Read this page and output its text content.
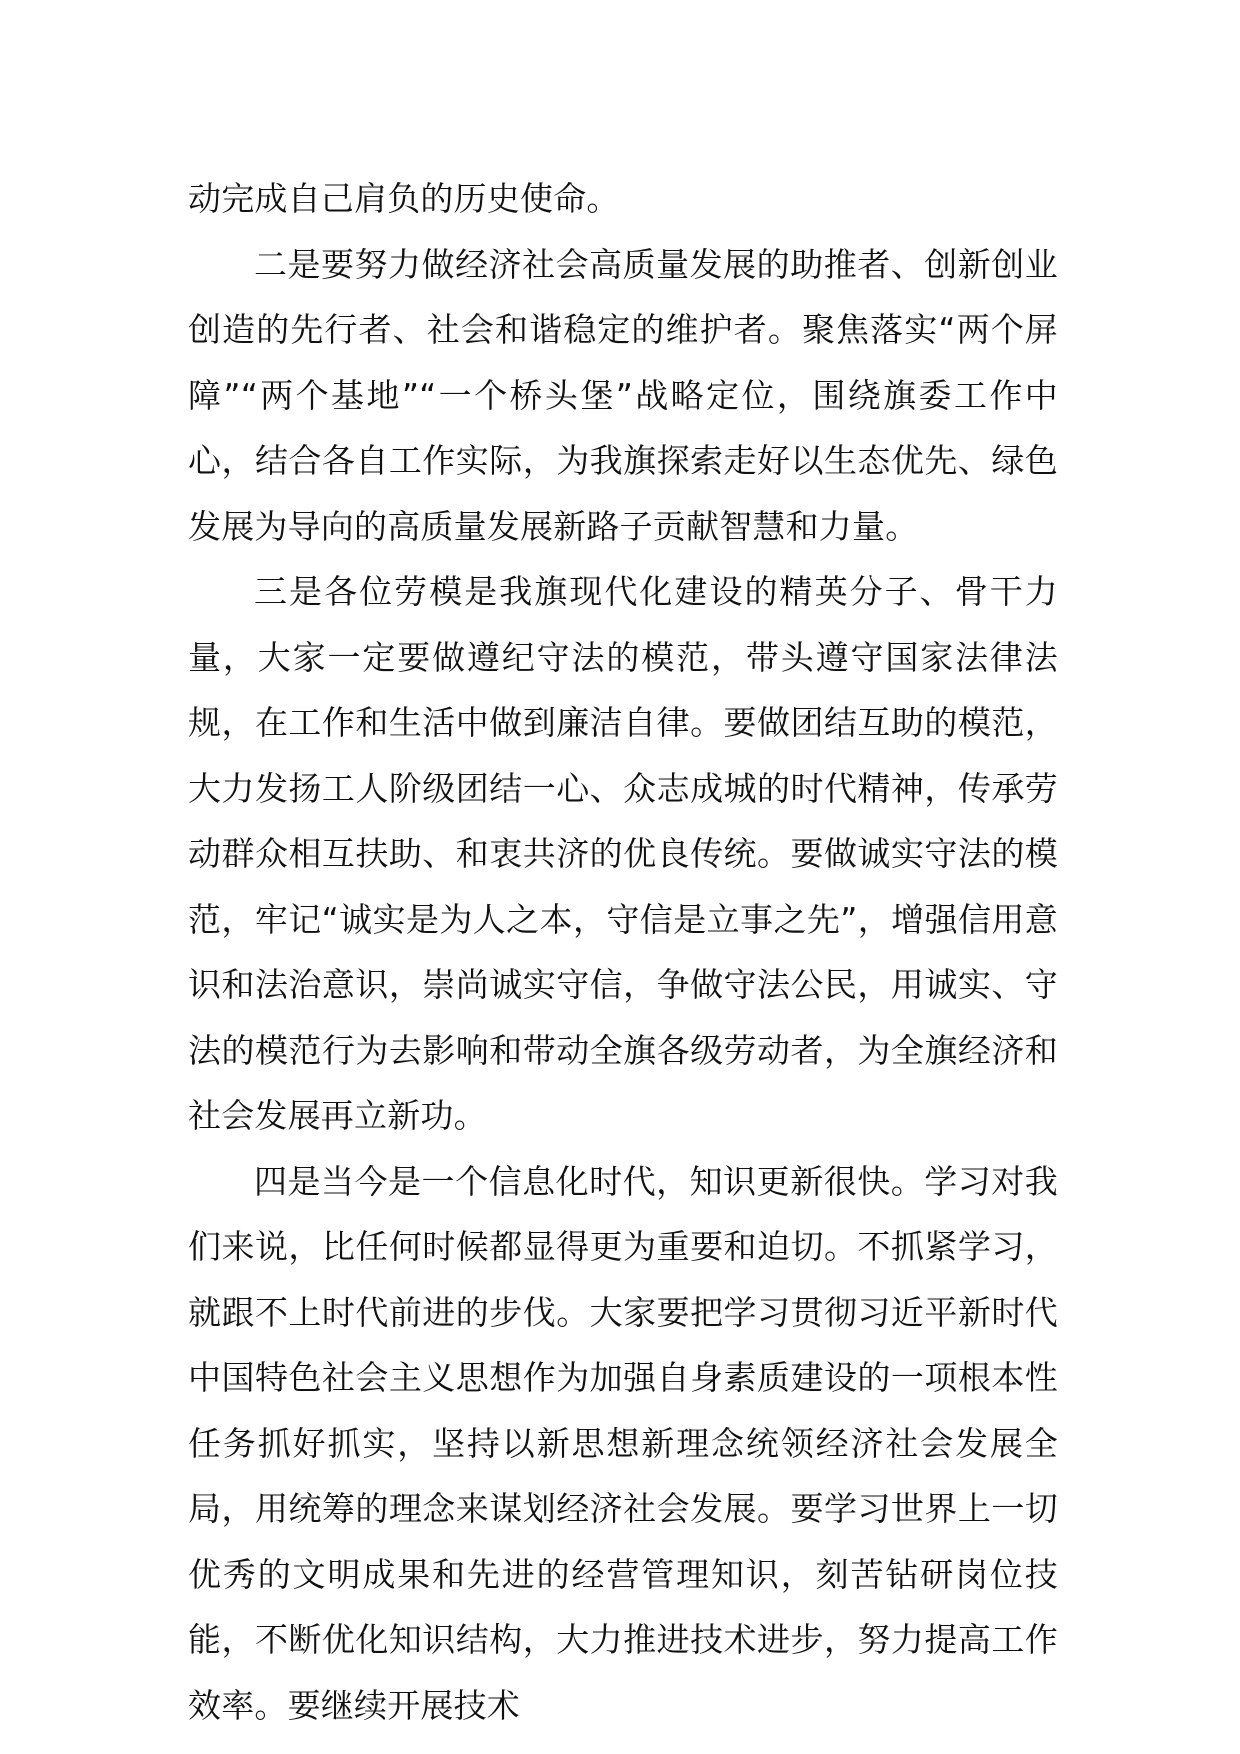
动完成自己肩负的历史使命。

二是要努力做经济社会高质量发展的助推者、创新创业创造的先行者、社会和谐稳定的维护者。聚焦落实“两个屏障”“两个基地”“一个桥头堡”战略定位，围绕旗委工作中心，结合各自工作实际，为我旗探索走好以生态优先、绿色发展为导向的高质量发展新路子贡献智慧和力量。

三是各位劳模是我旗现代化建设的精英分子、骨干力量，大家一定要做遵纪守法的模范，带头遵守国家法律法规，在工作和生活中做到廉洁自律。要做团结互助的模范，大力发扬工人阶级团结一心、众志成城的时代精神，传承劳动群众相互扶助、和衷共济的优良传统。要做诚实守法的模范，牢记“诚实是为人之本，守信是立事之先”，增强信用意识和法治意识，崇尚诚实守信，争做守法公民，用诚实、守法的模范行为去影响和带动全旗各级劳动者，为全旗经济和社会发展再立新功。

四是当今是一个信息化时代，知识更新很快。学习对我们来说，比任何时候都显得更为重要和迫切。不抓紧学习，就跟不上时代前进的步伐。大家要把学习贯彻习近平新时代中国特色社会主义思想作为加强自身素质建设的一项根本性任务抓好抓实，坚持以新思想新理念统领经济社会发展全局，用统筹的理念来谋划经济社会发展。要学习世界上一切优秀的文明成果和先进的经营管理知识，刻苦钻研岗位技能，不断优化知识结构，大力推进技术进步，努力提高工作效率。要继续开展技术
